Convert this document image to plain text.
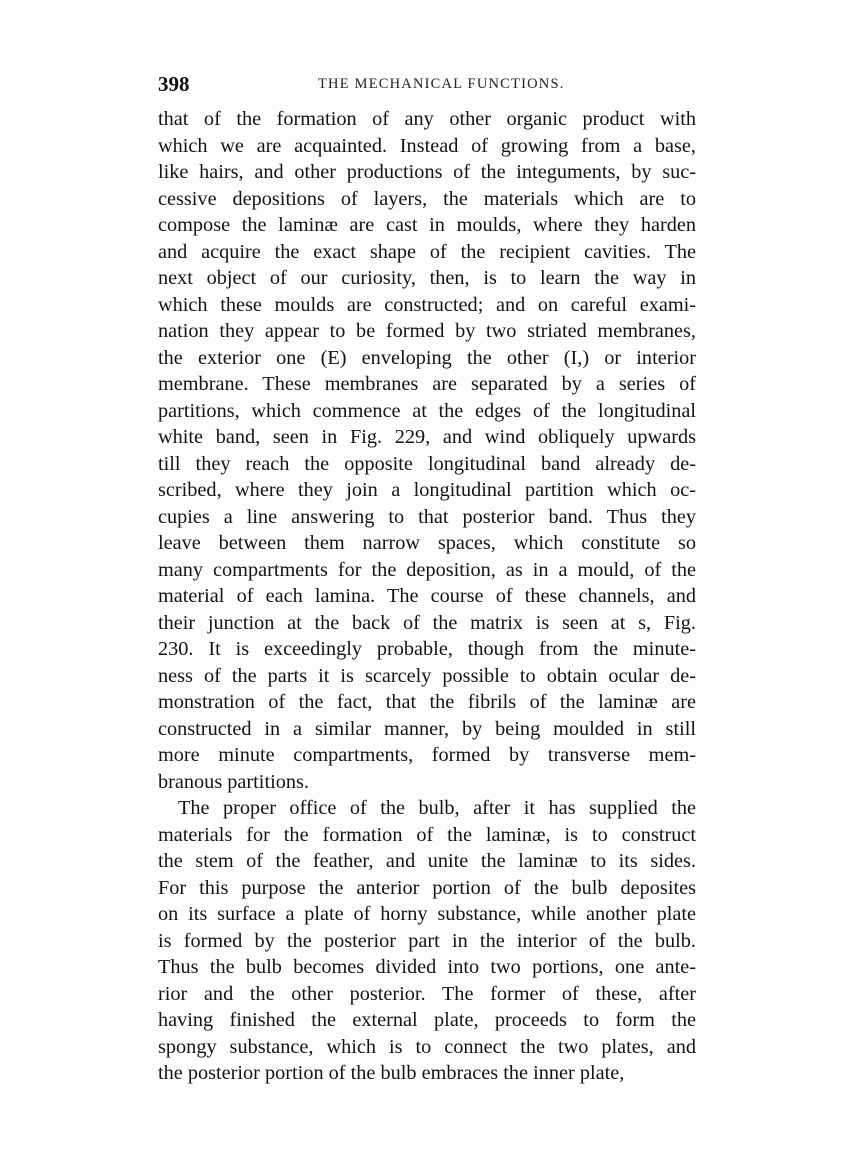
398	THE MECHANICAL FUNCTIONS.
that of the formation of any other organic product with
which we are acquainted. Instead of growing from a base,
like hairs, and other productions of the integuments, by suc-
cessive depositions of layers, the materials which are to
compose the laminæ are cast in moulds, where they harden
and acquire the exact shape of the recipient cavities. The
next object of our curiosity, then, is to learn the way in
which these moulds are constructed; and on careful exami-
nation they appear to be formed by two striated membranes,
the exterior one (E) enveloping the other (I,) or interior
membrane. These membranes are separated by a series of
partitions, which commence at the edges of the longitudinal
white band, seen in Fig. 229, and wind obliquely upwards
till they reach the opposite longitudinal band already de-
scribed, where they join a longitudinal partition which oc-
cupies a line answering to that posterior band. Thus they
leave between them narrow spaces, which constitute so
many compartments for the deposition, as in a mould, of the
material of each lamina. The course of these channels, and
their junction at the back of the matrix is seen at s, Fig.
230. It is exceedingly probable, though from the minute-
ness of the parts it is scarcely possible to obtain ocular de-
monstration of the fact, that the fibrils of the laminæ are
constructed in a similar manner, by being moulded in still
more minute compartments, formed by transverse mem-
branous partitions.
The proper office of the bulb, after it has supplied the
materials for the formation of the laminæ, is to construct
the stem of the feather, and unite the laminæ to its sides.
For this purpose the anterior portion of the bulb deposites
on its surface a plate of horny substance, while another plate
is formed by the posterior part in the interior of the bulb.
Thus the bulb becomes divided into two portions, one ante-
rior and the other posterior. The former of these, after
having finished the external plate, proceeds to form the
spongy substance, which is to connect the two plates, and
the posterior portion of the bulb embraces the inner plate,
